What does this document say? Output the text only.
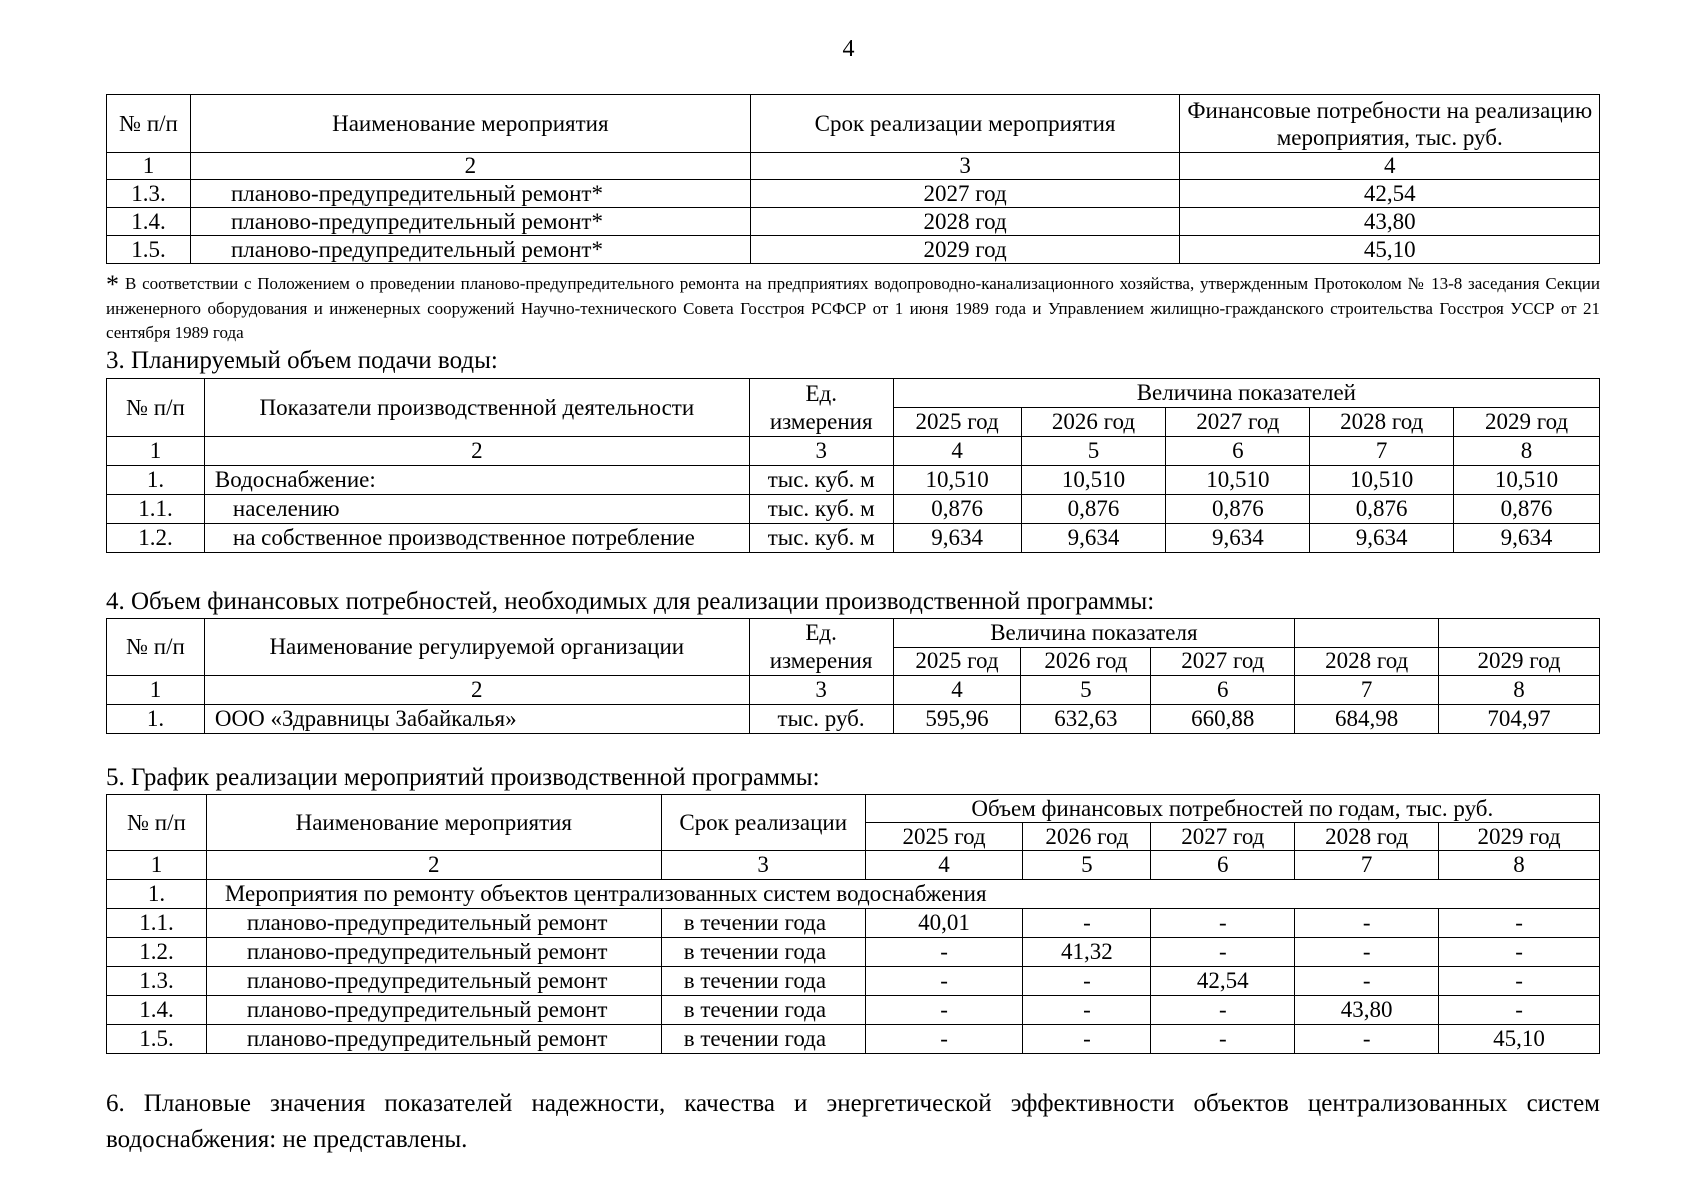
4
№ п/п	Наименование мероприятия	Срок реализации мероприятия	Финансовые потребности на реализацию мероприятия, тыс. руб.
1	2	3	4
1.3.	планово-предупредительный ремонт*	2027 год	42,54
1.4.	планово-предупредительный ремонт*	2028 год	43,80
1.5.	планово-предупредительный ремонт*	2029 год	45,10
* В соответствии с Положением о проведении планово-предупредительного ремонта на предприятиях водопроводно-канализационного хозяйства, утвержденным Протоколом № 13-8 заседания Секции инженерного оборудования и инженерных сооружений Научно-технического Совета Госстроя РСФСР от 1 июня 1989 года и Управлением жилищно-гражданского строительства Госстроя УССР от 21 сентября 1989 года
3. Планируемый объем подачи воды:
№ п/п	Показатели производственной деятельности	Ед. измерения	Величина показателей				
			2025 год	2026 год	2027 год	2028 год	2029 год
1	2	3	4	5	6	7	8
1.	Водоснабжение:	тыс. куб. м	10,510	10,510	10,510	10,510	10,510
1.1.	населению	тыс. куб. м	0,876	0,876	0,876	0,876	0,876
1.2.	на собственное производственное потребление	тыс. куб. м	9,634	9,634	9,634	9,634	9,634
4. Объем финансовых потребностей, необходимых для реализации производственной программы:
№ п/п	Наименование регулируемой организации	Ед. измерения	Величина показателя				
			2025 год	2026 год	2027 год	2028 год	2029 год
1	2	3	4	5	6	7	8
1.	ООО «Здравницы Забайкалья»	тыс. руб.	595,96	632,63	660,88	684,98	704,97
5. График реализации мероприятий производственной программы:
№ п/п	Наименование мероприятия	Срок реализации	Объем финансовых потребностей по годам, тыс. руб.				
			2025 год	2026 год	2027 год	2028 год	2029 год
1	2	3	4	5	6	7	8
1.	Мероприятия по ремонту объектов централизованных систем водоснабжения						
1.1.	планово-предупредительный ремонт	в течении года	40,01	-	-	-	-
1.2.	планово-предупредительный ремонт	в течении года	-	41,32	-	-	-
1.3.	планово-предупредительный ремонт	в течении года	-	-	42,54	-	-
1.4.	планово-предупредительный ремонт	в течении года	-	-	-	43,80	-
1.5.	планово-предупредительный ремонт	в течении года	-	-	-	-	45,10
6. Плановые значения показателей надежности, качества и энергетической эффективности объектов централизованных систем водоснабжения: не представлены.
